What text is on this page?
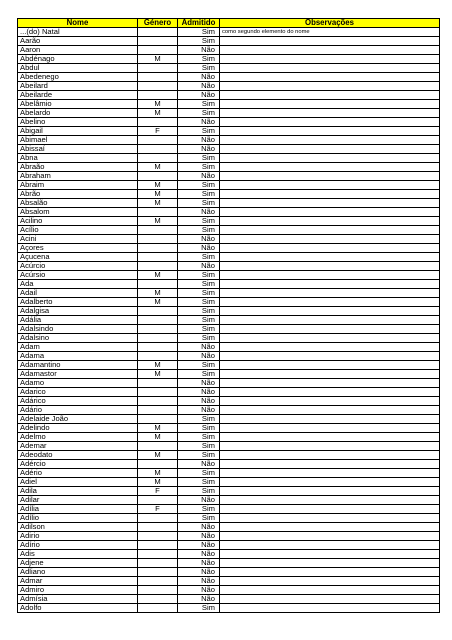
Nome	Género	Admitido	Observações
...(do) Natal		Sim	como segundo elemento do nome
Aarão		Sim	
Aaron		Não	
Abdénago	M	Sim	
Abdul		Sim	
Abedenego		Não	
Abeilard		Não	
Abeilarde		Não	
Abelâmio	M	Sim	
Abelardo	M	Sim	
Abelino		Não	
Abigail	F	Sim	
Abimael		Não	
Abissaí		Não	
Abna		Sim	
Abraão	M	Sim	
Abraham		Não	
Abraim	M	Sim	
Abrão	M	Sim	
Absalão	M	Sim	
Absalom		Não	
Acilino	M	Sim	
Acílio		Sim	
Acini		Não	
Açores		Não	
Açucena		Sim	
Acúrcio		Não	
Acúrsio	M	Sim	
Ada		Sim	
Adail	M	Sim	
Adalberto	M	Sim	
Adalgisa		Sim	
Adália		Sim	
Adalsindo		Sim	
Adalsino		Sim	
Adam		Não	
Adama		Não	
Adamantino	M	Sim	
Adamastor	M	Sim	
Adamo		Não	
Adarico		Não	
Adárico		Não	
Adário		Não	
Adelaide João		Sim	
Adelindo	M	Sim	
Adelmo	M	Sim	
Ademar		Sim	
Adeodato	M	Sim	
Adércio		Não	
Adério	M	Sim	
Adiel	M	Sim	
Adila	F	Sim	
Adilar		Não	
Adília	F	Sim	
Adílio		Sim	
Adilson		Não	
Adirio		Não	
Adírio		Não	
Adis		Não	
Adjene		Não	
Adliano		Não	
Admar		Não	
Admiro		Não	
Admísia		Não	
Adolfo		Sim	
